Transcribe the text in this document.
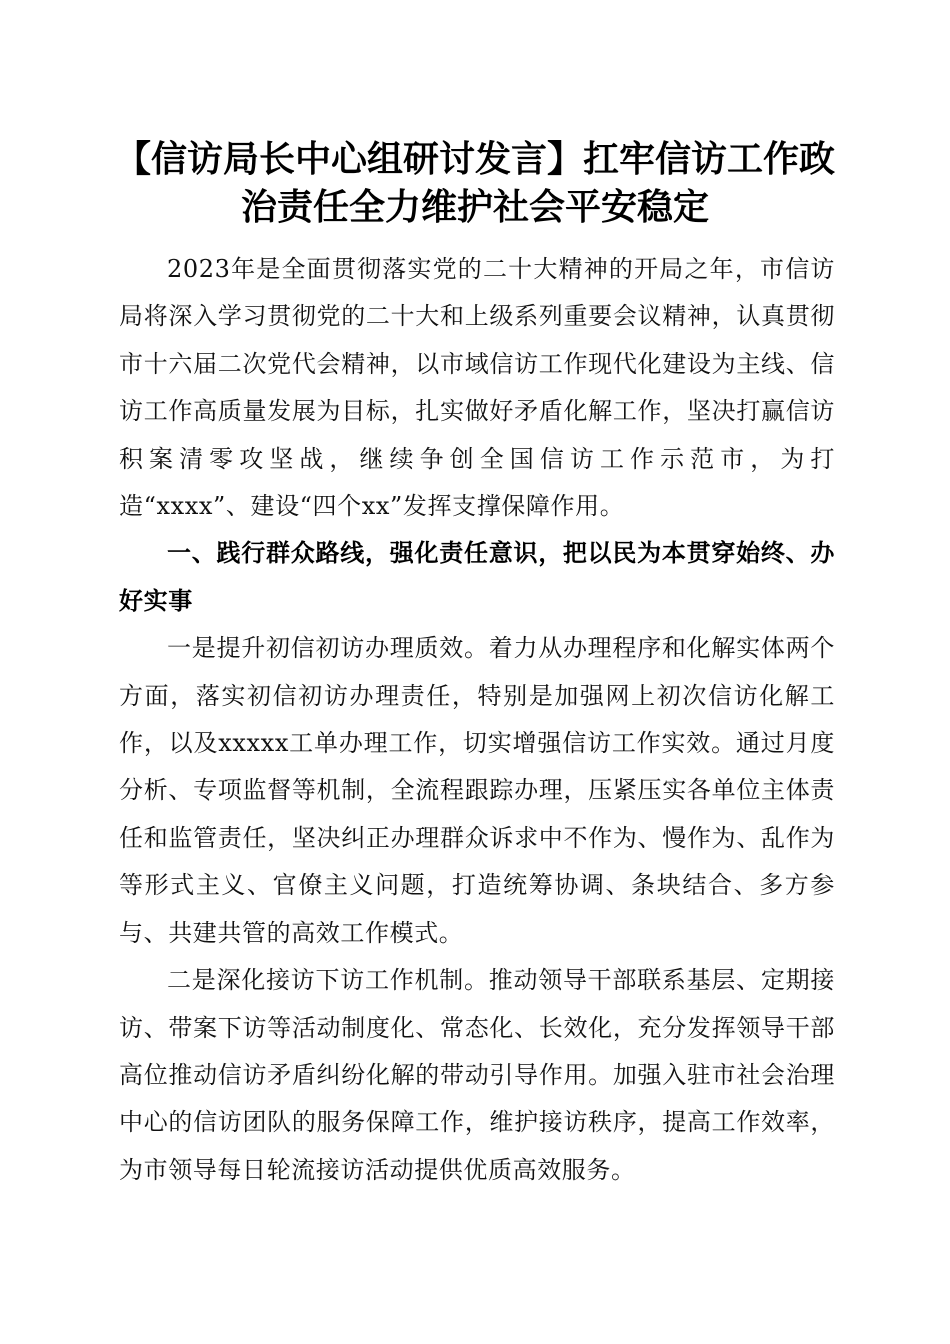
【信访局长中心组研讨发言】扛牢信访工作政治责任全力维护社会平安稳定

2023年是全面贯彻落实党的二十大精神的开局之年，市信访局将深入学习贯彻党的二十大和上级系列重要会议精神，认真贯彻市十六届二次党代会精神，以市域信访工作现代化建设为主线、信访工作高质量发展为目标，扎实做好矛盾化解工作，坚决打赢信访积案清零攻坚战，继续争创全国信访工作示范市，为打造“xxxx”、建设“四个xx”发挥支撑保障作用。

一、践行群众路线，强化责任意识，把以民为本贯穿始终、办好实事

一是提升初信初访办理质效。着力从办理程序和化解实体两个方面，落实初信初访办理责任，特别是加强网上初次信访化解工作，以及xxxxx工单办理工作，切实增强信访工作实效。通过月度分析、专项监督等机制，全流程跟踪办理，压紧压实各单位主体责任和监管责任，坚决纠正办理群众诉求中不作为、慢作为、乱作为等形式主义、官僚主义问题，打造统筹协调、条块结合、多方参与、共建共管的高效工作模式。

二是深化接访下访工作机制。推动领导干部联系基层、定期接访、带案下访等活动制度化、常态化、长效化，充分发挥领导干部高位推动信访矛盾纠纷化解的带动引导作用。加强入驻市社会治理中心的信访团队的服务保障工作，维护接访秩序，提高工作效率，为市领导每日轮流接访活动提供优质高效服务。
